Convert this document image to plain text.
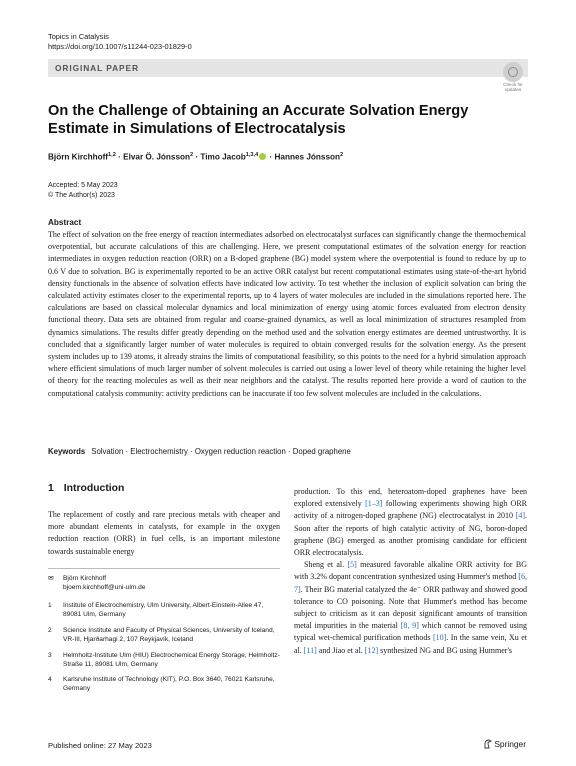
Topics in Catalysis
https://doi.org/10.1007/s11244-023-01829-0
ORIGINAL PAPER
Check for
updates
On the Challenge of Obtaining an Accurate Solvation Energy Estimate in Simulations of Electrocatalysis
Björn Kirchhoff$^{1,2}$ · Elvar Ö. Jónsson$^2$ · Timo Jacob$^{1,3,4}$ · Hannes Jónsson$^2$
Accepted: 5 May 2023
© The Author(s) 2023
Abstract
The effect of solvation on the free energy of reaction intermediates adsorbed on electrocatalyst surfaces can significantly change the thermochemical overpotential, but accurate calculations of this are challenging. Here, we present computational estimates of the solvation energy for reaction intermediates in oxygen reduction reaction (ORR) on a B-doped graphene (BG) model system where the overpotential is found to reduce by up to 0.6 V due to solvation. BG is experimentally reported to be an active ORR catalyst but recent computational estimates using state-of-the-art hybrid density functionals in the absence of solvation effects have indicated low activity. To test whether the inclusion of explicit solvation can bring the calculated activity estimates closer to the experimental reports, up to 4 layers of water molecules are included in the simulations reported here. The calculations are based on classical molecular dynamics and local minimization of energy using atomic forces evaluated from electron density functional theory. Data sets are obtained from regular and coarse-grained dynamics, as well as local minimization of structures resampled from dynamics simulations. The results differ greatly depending on the method used and the solvation energy estimates are deemed untrustworthy. It is concluded that a significantly larger number of water molecules is required to obtain converged results for the solvation energy. As the present system includes up to 139 atoms, it already strains the limits of computational feasibility, so this points to the need for a hybrid simulation approach where efficient simulations of much larger number of solvent molecules is carried out using a lower level of theory while retaining the higher level of theory for the reacting molecules as well as their near neighbors and the catalyst. The results reported here provide a word of caution to the computational catalysis community: activity predictions can be inaccurate if too few solvent molecules are included in the calculations.
Keywords Solvation · Electrochemistry · Oxygen reduction reaction · Doped graphene
1 Introduction
The replacement of costly and rare precious metals with cheaper and more abundant elements in catalysts, for example in the oxygen reduction reaction (ORR) in fuel cells, is an important milestone towards sustainable energy
✉ Björn Kirchhoff
bjoern.kirchhoff@uni-ulm.de
1 Institute of Electrochemistry, Ulm University, Albert-Einstein-Allee 47, 89081 Ulm, Germany
2 Science Institute and Faculty of Physical Sciences, University of Iceland, VR-III, Hjarðarhagi 2, 107 Reykjavík, Iceland
3 Helmholtz-Institute Ulm (HIU) Electrochemical Energy Storage, Helmholtz-Straße 11, 89081 Ulm, Germany
4 Karlsruhe Institute of Technology (KIT), P.O. Box 3640, 76021 Karlsruhe, Germany

production. To this end, heteroatom-doped graphenes have been explored extensively [1–3] following experiments showing high ORR activity of a nitrogen-doped graphene (NG) electrocatalyst in 2010 [4]. Soon after the reports of high catalytic activity of NG, boron-doped graphene (BG) emerged as another promising candidate for efficient ORR electrocatalysis.

Sheng et al. [5] measured favorable alkaline ORR activity for BG with 3.2% dopant concentration synthesized using Hummer's method [6, 7]. Their BG material catalyzed the 4e⁻ ORR pathway and showed good tolerance to CO poisoning. Note that Hummer's method has become subject to criticism as it can deposit significant amounts of transition metal impurities in the material [8, 9] which cannot be removed using typical wet-chemical purification methods [10]. In the same vein, Xu et al. [11] and Jiao et al. [12] synthesized NG and BG using Hummer's

Published online: 27 May 2023	Springer
